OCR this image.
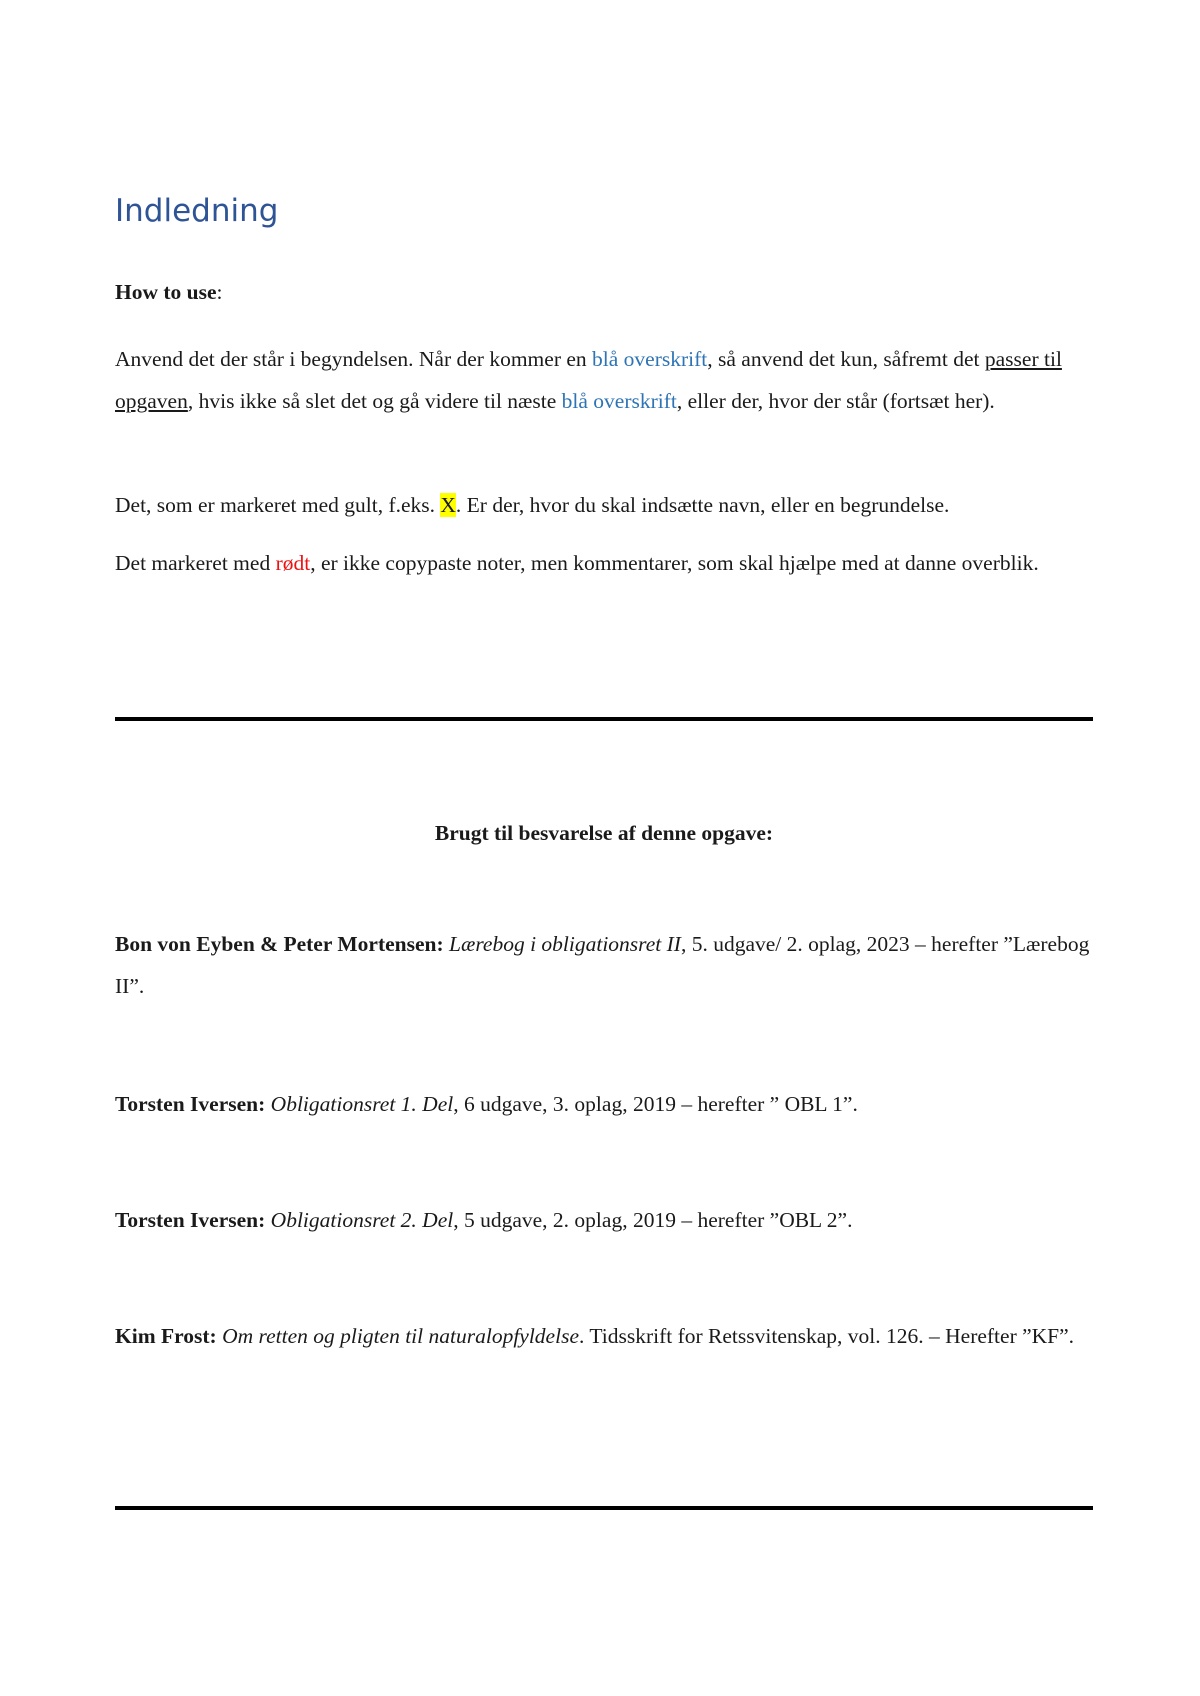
Indledning

How to use:

Anvend det der står i begyndelsen. Når der kommer en blå overskrift, så anvend det kun, såfremt det passer til opgaven, hvis ikke så slet det og gå videre til næste blå overskrift, eller der, hvor der står (fortsæt her).

Det, som er markeret med gult, f.eks. X. Er der, hvor du skal indsætte navn, eller en begrundelse.

Det markeret med rødt, er ikke copypaste noter, men kommentarer, som skal hjælpe med at danne overblik.

Brugt til besvarelse af denne opgave:

Bon von Eyben & Peter Mortensen: Lærebog i obligationsret II, 5. udgave/ 2. oplag, 2023 – herefter ”Lærebog II”.

Torsten Iversen: Obligationsret 1. Del, 6 udgave, 3. oplag, 2019 – herefter ” OBL 1”.

Torsten Iversen: Obligationsret 2. Del, 5 udgave, 2. oplag, 2019 – herefter ”OBL 2”.

Kim Frost: Om retten og pligten til naturalopfyldelse. Tidsskrift for Retssvitenskap, vol. 126. – Herefter ”KF”.
